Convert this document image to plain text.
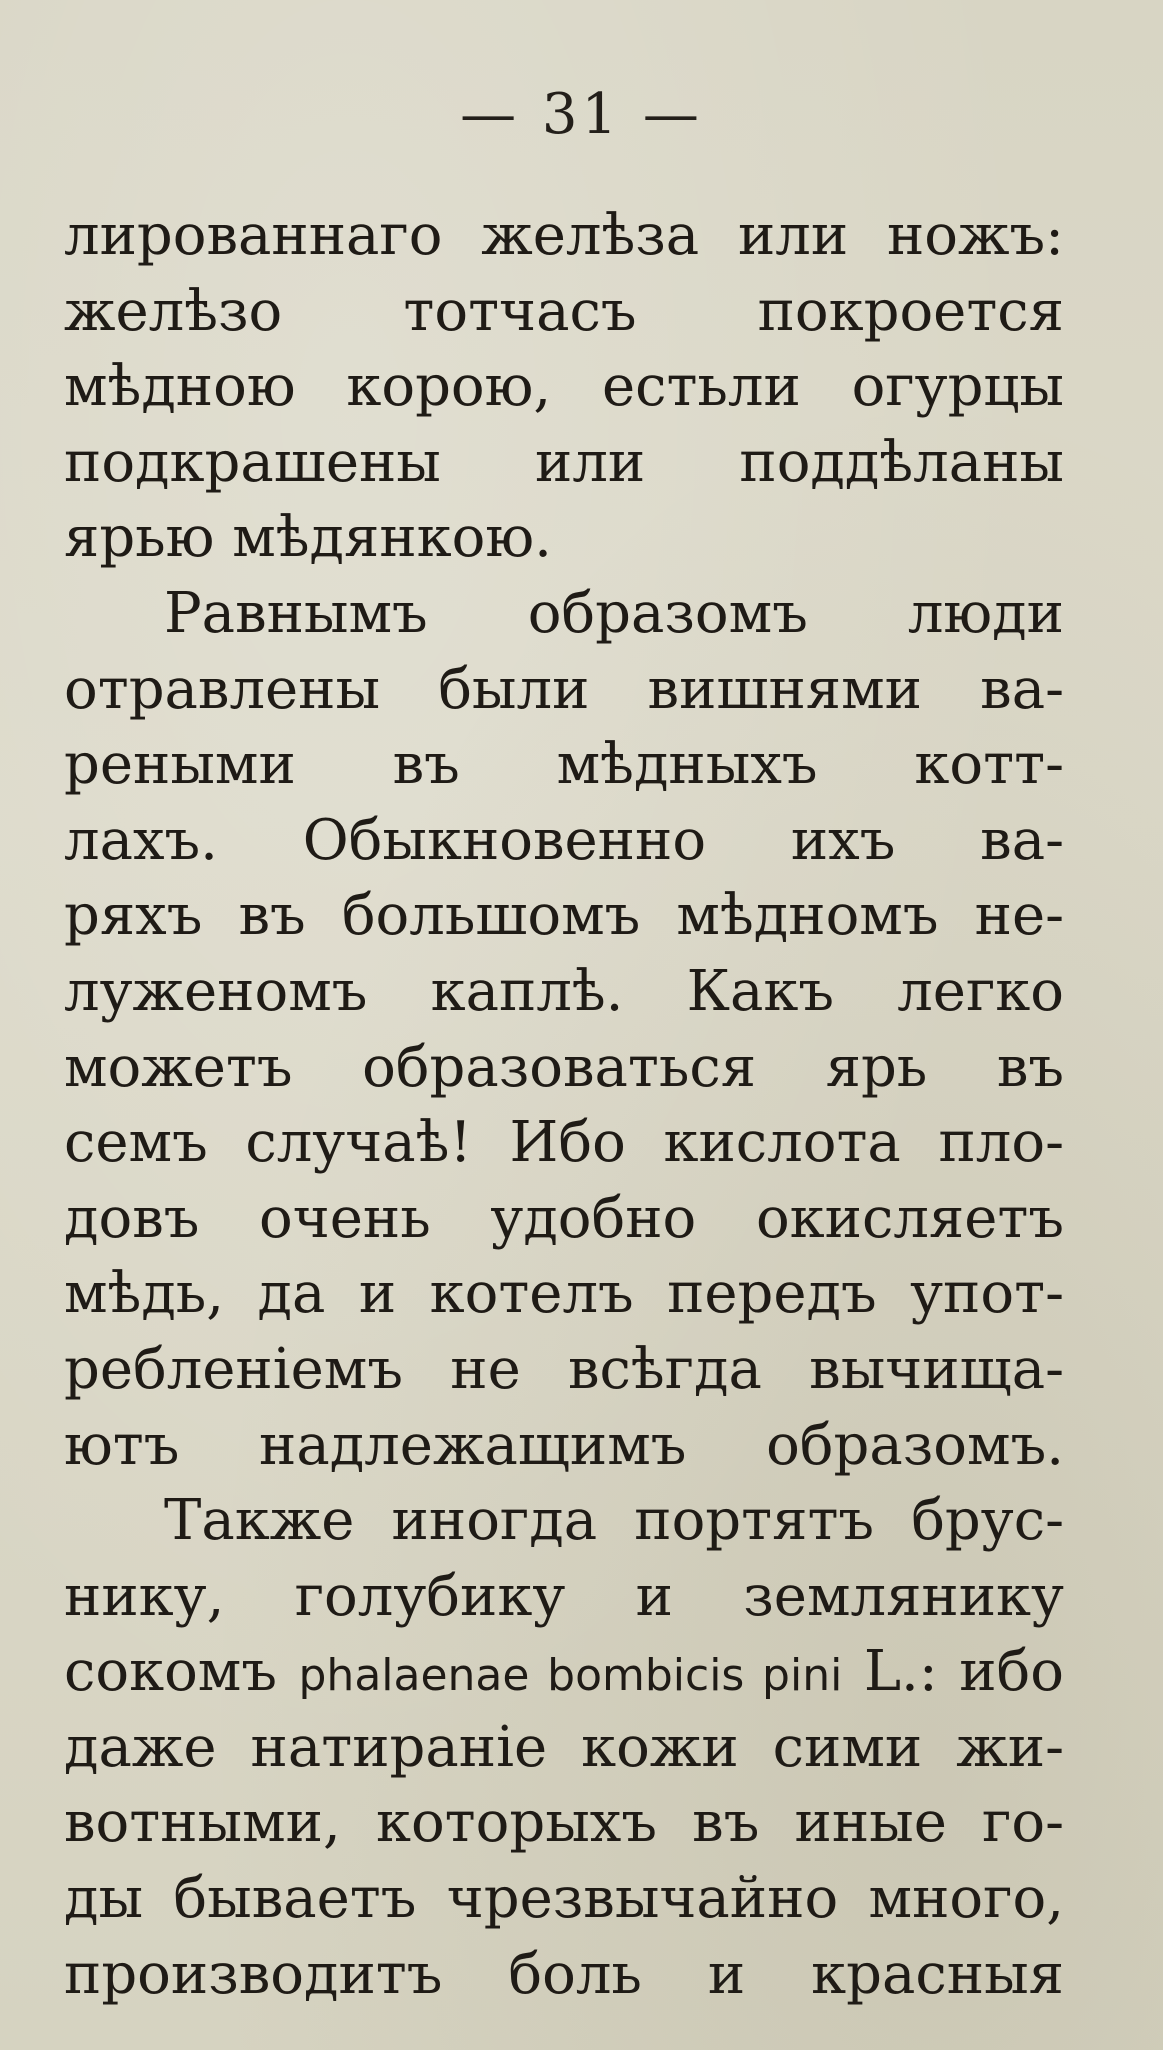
— 31 —
лированнаго желѣза или ножъ:
желѣзо тотчасъ покроется
мѣдною корою, естьли огурцы
подкрашены или поддѣланы
ярью мѣдянкою.
Равнымъ образомъ люди
отравлены были вишнями ва-
реными въ мѣдныхъ котт-
лахъ. Обыкновенно ихъ ва-
ряхъ въ большомъ мѣдномъ не-
луженомъ каплѣ. Какъ легко
можетъ образоваться ярь въ
семъ случаѣ! Ибо кислота пло-
довъ очень удобно окисляетъ
мѣдь, да и котелъ передъ упот-
ребленіемъ не всѣгда вычища-
ютъ надлежащимъ образомъ.
Также иногда портятъ брус-
нику, голубику и землянику
сокомъ phalaenae bombicis pini L.: ибо
даже натираніе кожи сими жи-
вотными, которыхъ въ иные го-
ды бываетъ чрезвычайно много,
производитъ боль и красныя
